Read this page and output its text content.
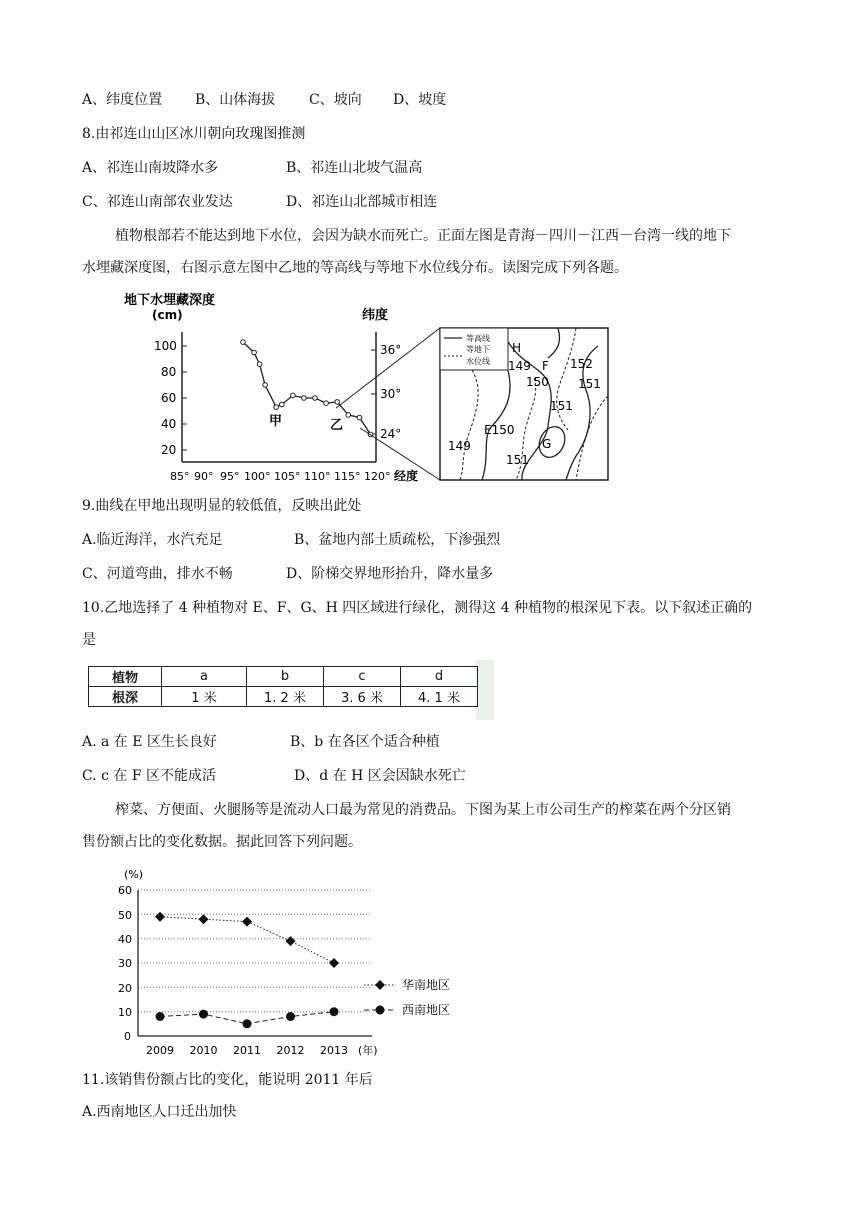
A、纬度位置 B、山体海拔 C、坡向 D、坡度
8.由祁连山山区冰川朝向玫瑰图推测
A、祁连山南坡降水多	B、祁连山北坡气温高
C、祁连山南部农业发达	D、祁连山北部城市相连
植物根部若不能达到地下水位，会因为缺水而死亡。正面左图是青海－四川－江西－台湾一线的地下
水埋藏深度图，右图示意左图中乙地的等高线与等地下水位线分布。读图完成下列各题。
地下水埋藏深度
(cm)	纬度
100
80
60
40
20
36°
30°
24°
85° 90° 95° 100° 105° 110° 115° 120° 经度
甲	乙
等高线
等地下
水位线
H
149 F 152
150 151
151
149
E150
G
151
9.曲线在甲地出现明显的较低值，反映出此处
A.临近海洋，水汽充足	B、盆地内部土质疏松，下渗强烈
C、河道弯曲，排水不畅	D、阶梯交界地形抬升，降水量多
10.乙地选择了 4 种植物对 E、F、G、H 四区域进行绿化，测得这 4 种植物的根深见下表。以下叙述正确的
是
植物	a	b	c	d
根深	1 米	1. 2 米	3. 6 米	4. 1 米
A. a 在 E 区生长良好	B、b 在各区个适合种植
C. c 在 F 区不能成活	D、d 在 H 区会因缺水死亡
榨菜、方便面、火腿肠等是流动人口最为常见的消费品。下图为某上市公司生产的榨菜在两个分区销
售份额占比的变化数据。据此回答下列问题。
(%)
60
50
40
30
20
10
0
2009 2010 2011 2012 2013 (年)
华南地区
西南地区
11.该销售份额占比的变化，能说明 2011 年后
A.西南地区人口迁出加快
